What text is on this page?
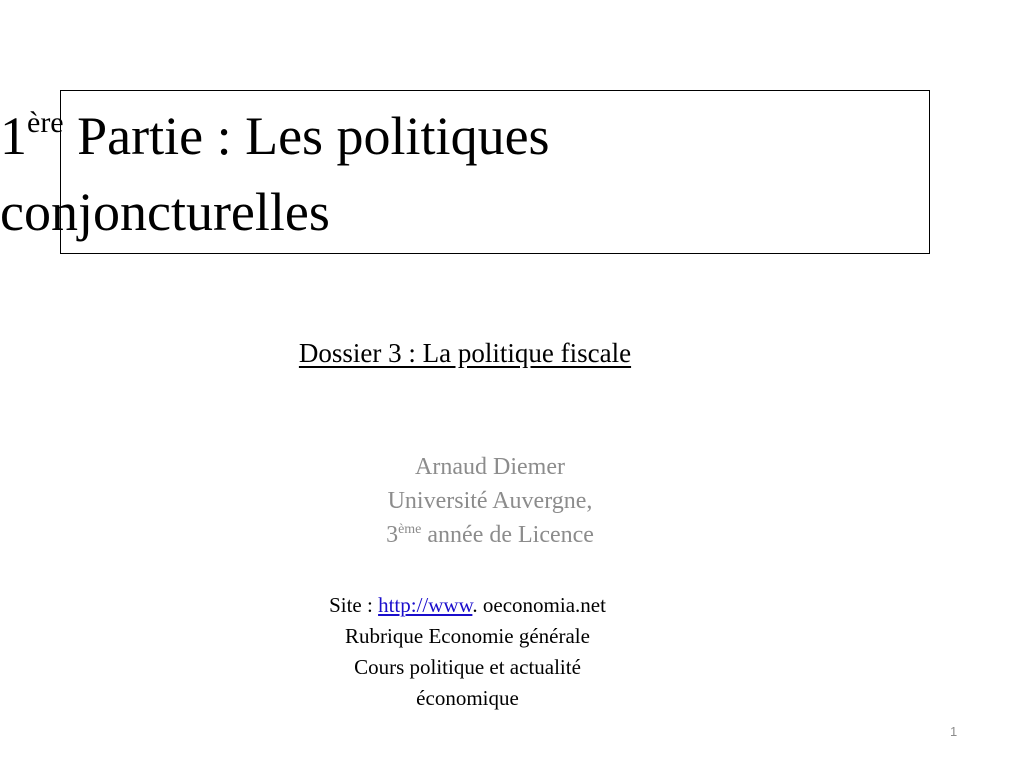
1ère Partie : Les politiques
conjoncturelles
Dossier 3 : La politique fiscale
Arnaud Diemer
Université Auvergne,
3ème année de Licence
Site : http://www. oeconomia.net
Rubrique Economie générale
Cours politique et actualité
économique
1
